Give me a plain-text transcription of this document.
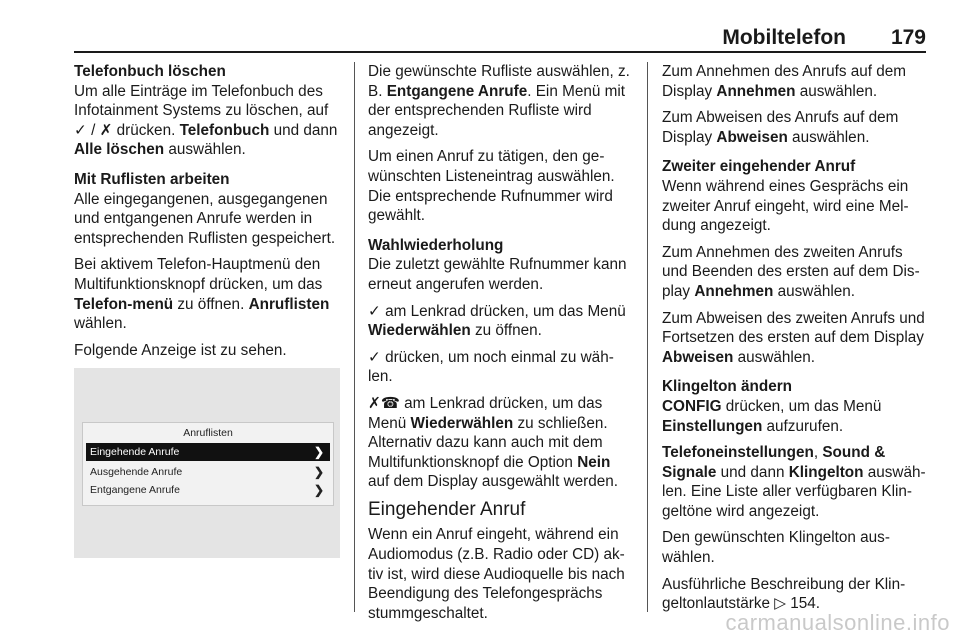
Mobiltelefon 179
Telefonbuch löschen

Um alle Einträge im Telefonbuch des Infotainment Systems zu löschen, auf ✓ / ✗ drücken. Telefonbuch und dann Alle löschen auswählen.

Mit Ruflisten arbeiten

Alle eingegangenen, ausgegangenen und entgangenen Anrufe werden in entsprechenden Ruflisten gespeichert.

Bei aktivem Telefon-Hauptmenü den Multifunktionsknopf drücken, um das Telefon-menü zu öffnen. Anruflisten wählen.

Folgende Anzeige ist zu sehen.

Anruflisten
Eingehende Anrufe	❯
Ausgehende Anrufe	❯
Entgangene Anrufe	❯

Die gewünschte Rufliste auswählen, z. B. Entgangene Anrufe. Ein Menü mit der entsprechenden Rufliste wird angezeigt.

Um einen Anruf zu tätigen, den gewünschten Listeneintrag auswählen. Die entsprechende Rufnummer wird gewählt.

Wahlwiederholung

Die zuletzt gewählte Rufnummer kann erneut angerufen werden.

✓ am Lenkrad drücken, um das Menü Wiederwählen zu öffnen.

✓ drücken, um noch einmal zu wählen.

✗☎ am Lenkrad drücken, um das Menü Wiederwählen zu schließen. Alternativ dazu kann auch mit dem Multifunktionsknopf die Option Nein auf dem Display ausgewählt werden.

Eingehender Anruf

Wenn ein Anruf eingeht, während ein Audiomodus (z.B. Radio oder CD) aktiv ist, wird diese Audioquelle bis nach Beendigung des Telefongesprächs stummgeschaltet.

Zum Annehmen des Anrufs auf dem Display Annehmen auswählen.

Zum Abweisen des Anrufs auf dem Display Abweisen auswählen.

Zweiter eingehender Anruf

Wenn während eines Gesprächs ein zweiter Anruf eingeht, wird eine Meldung angezeigt.

Zum Annehmen des zweiten Anrufs und Beenden des ersten auf dem Display Annehmen auswählen.

Zum Abweisen des zweiten Anrufs und Fortsetzen des ersten auf dem Display Abweisen auswählen.

Klingelton ändern

CONFIG drücken, um das Menü Einstellungen aufzurufen.

Telefoneinstellungen, Sound & Signale und dann Klingelton auswählen. Eine Liste aller verfügbaren Klingeltöne wird angezeigt.

Den gewünschten Klingelton auswählen.

Ausführliche Beschreibung der Klingeltonlautstärke ▷ 154.

carmanualsonline.info
